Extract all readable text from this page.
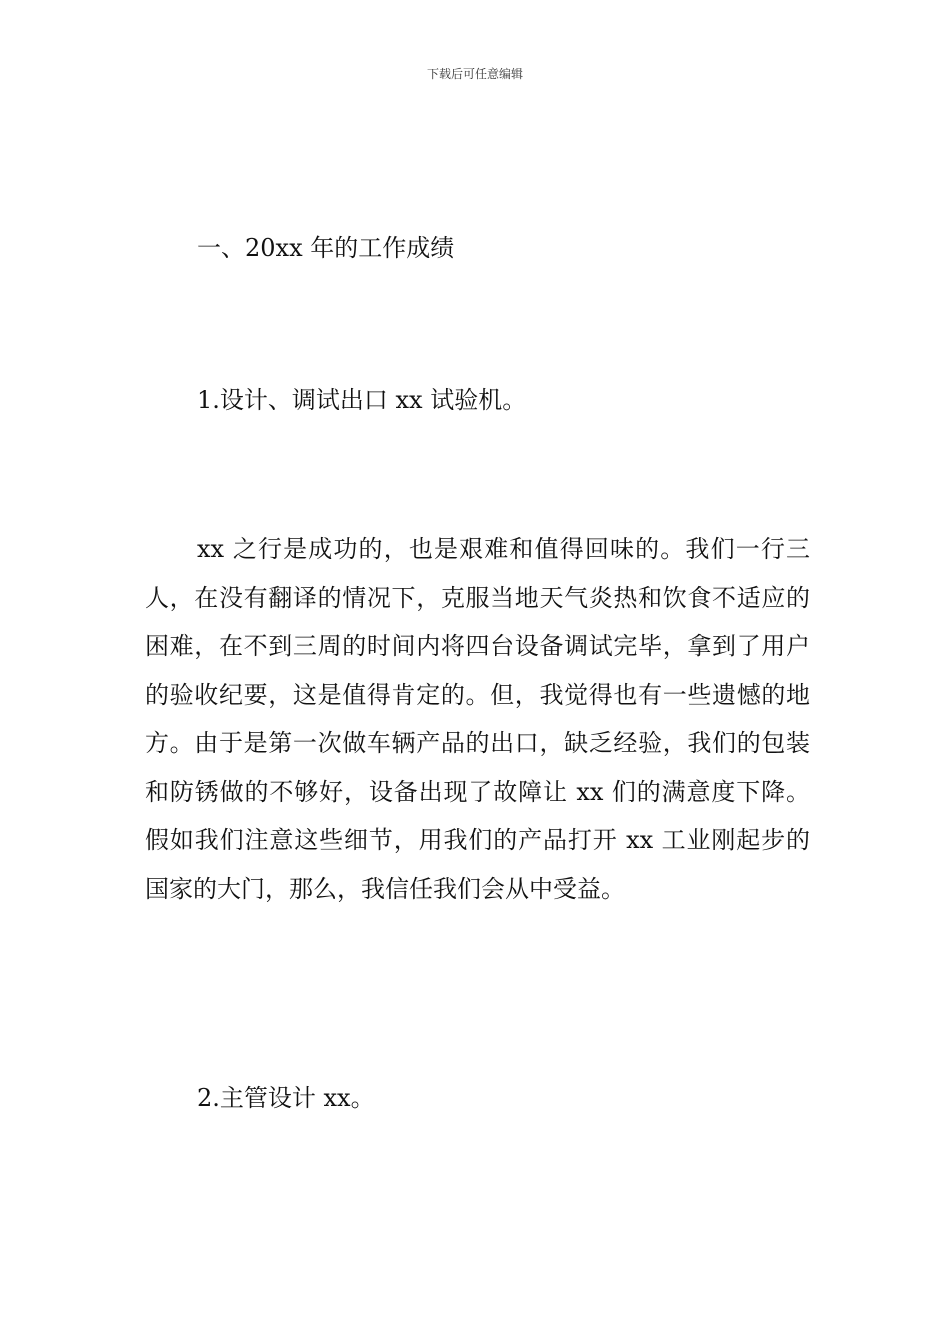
下载后可任意编辑
一、20xx 年的工作成绩
1.设计、调试出口 xx 试验机。
xx 之行是成功的，也是艰难和值得回味的。我们一行三人，在没有翻译的情况下，克服当地天气炎热和饮食不适应的困难，在不到三周的时间内将四台设备调试完毕，拿到了用户的验收纪要，这是值得肯定的。但，我觉得也有一些遗憾的地方。由于是第一次做车辆产品的出口，缺乏经验，我们的包装和防锈做的不够好，设备出现了故障让 xx 们的满意度下降。假如我们注意这些细节，用我们的产品打开 xx 工业刚起步的国家的大门，那么，我信任我们会从中受益。
2.主管设计 xx。
